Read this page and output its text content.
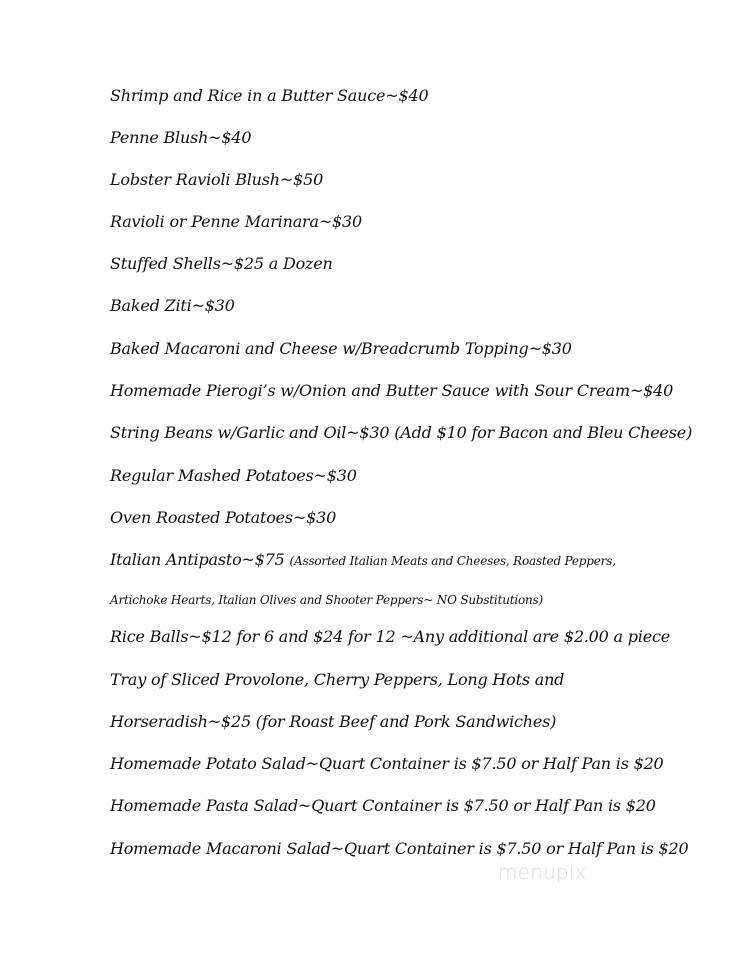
Shrimp and Rice in a Butter Sauce~$40
Penne Blush~$40
Lobster Ravioli Blush~$50
Ravioli or Penne Marinara~$30
Stuffed Shells~$25 a Dozen
Baked Ziti~$30
Baked Macaroni and Cheese w/Breadcrumb Topping~$30
Homemade Pierogi’s w/Onion and Butter Sauce with Sour Cream~$40
String Beans w/Garlic and Oil~$30 (Add $10 for Bacon and Bleu Cheese)
Regular Mashed Potatoes~$30
Oven Roasted Potatoes~$30
Italian Antipasto~$75 (Assorted Italian Meats and Cheeses, Roasted Peppers,
Artichoke Hearts, Italian Olives and Shooter Peppers~ NO Substitutions)
Rice Balls~$12 for 6 and $24 for 12 ~Any additional are $2.00 a piece
Tray of Sliced Provolone, Cherry Peppers, Long Hots and
Horseradish~$25 (for Roast Beef and Pork Sandwiches)
Homemade Potato Salad~Quart Container is $7.50 or Half Pan is $20
Homemade Pasta Salad~Quart Container is $7.50 or Half Pan is $20
Homemade Macaroni Salad~Quart Container is $7.50 or Half Pan is $20
menupix
